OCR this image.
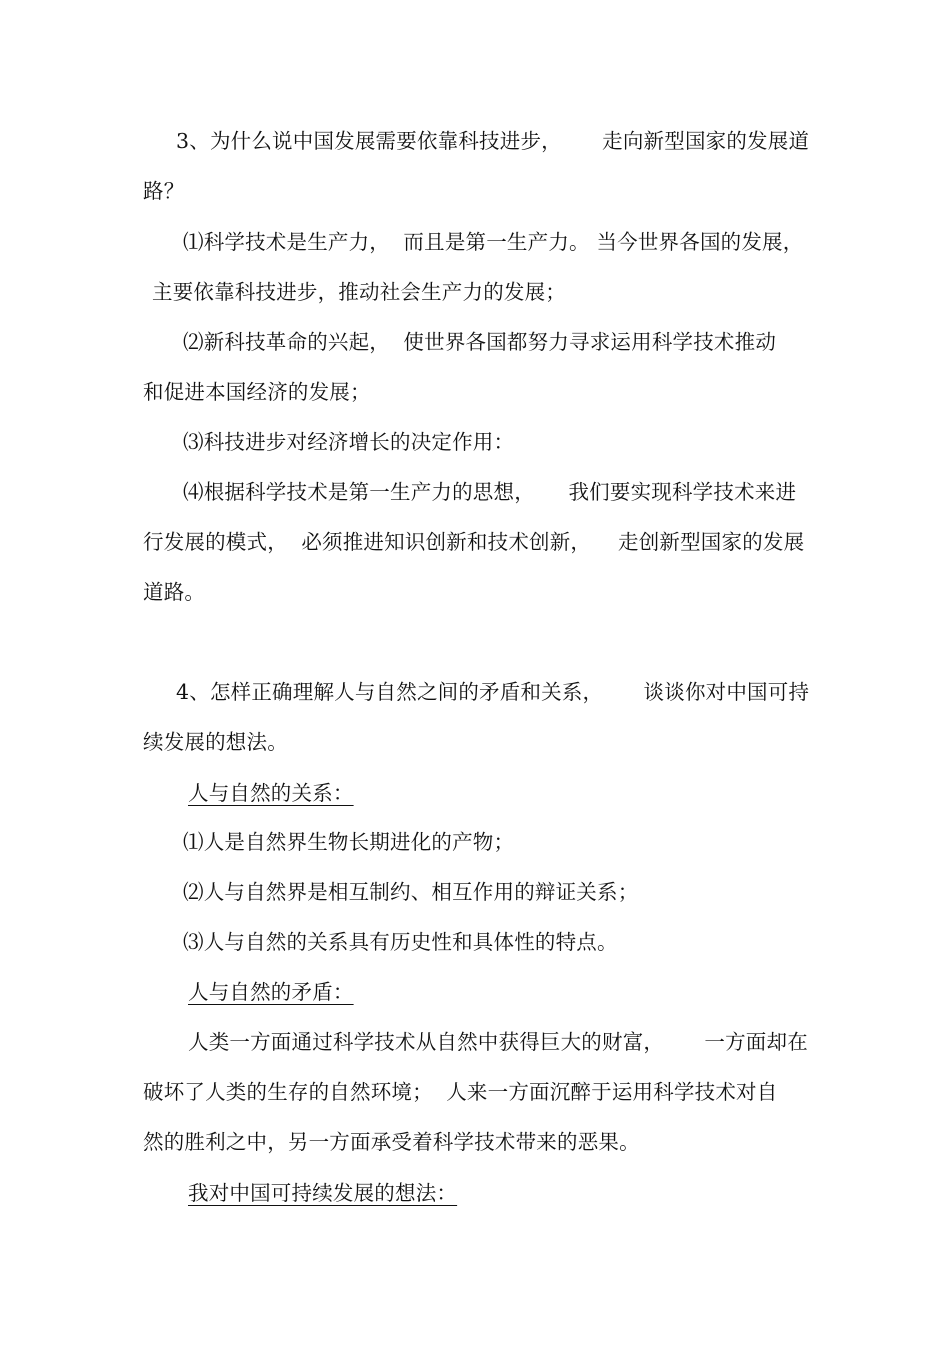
3、为什么说中国发展需要依靠科技进步，      走向新型国家的发展道
路？
⑴科学技术是生产力，  而且是第一生产力。 当今世界各国的发展，
主要依靠科技进步，推动社会生产力的发展；
⑵新科技革命的兴起，  使世界各国都努力寻求运用科学技术推动
和促进本国经济的发展；
⑶科技进步对经济增长的决定作用：
⑷根据科学技术是第一生产力的思想，     我们要实现科学技术来进
行发展的模式，  必须推进知识创新和技术创新，    走创新型国家的发展
道路。
4、怎样正确理解人与自然之间的矛盾和关系，      谈谈你对中国可持
续发展的想法。
人与自然的关系：
⑴人是自然界生物长期进化的产物；
⑵人与自然界是相互制约、相互作用的辩证关系；
⑶人与自然的关系具有历史性和具体性的特点。
人与自然的矛盾：
人类一方面通过科学技术从自然中获得巨大的财富，      一方面却在
破坏了人类的生存的自然环境；  人来一方面沉醉于运用科学技术对自
然的胜利之中，另一方面承受着科学技术带来的恶果。
我对中国可持续发展的想法：
